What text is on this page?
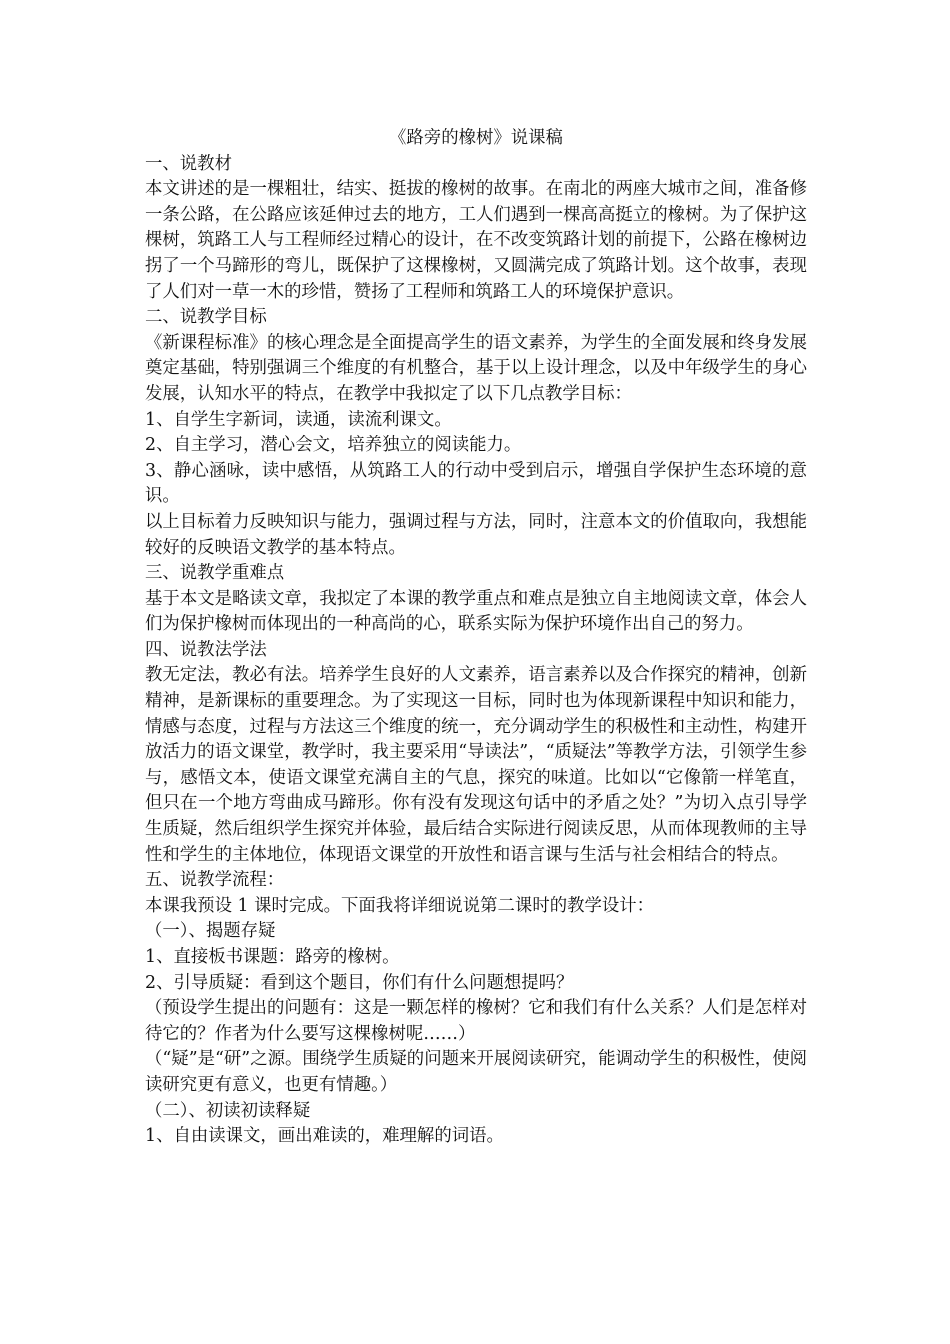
《路旁的橡树》说课稿

一、说教材

本文讲述的是一棵粗壮，结实、挺拔的橡树的故事。在南北的两座大城市之间，准备修一条公路，在公路应该延伸过去的地方，工人们遇到一棵高高挺立的橡树。为了保护这棵树，筑路工人与工程师经过精心的设计，在不改变筑路计划的前提下，公路在橡树边拐了一个马蹄形的弯儿，既保护了这棵橡树，又圆满完成了筑路计划。这个故事，表现了人们对一草一木的珍惜，赞扬了工程师和筑路工人的环境保护意识。

二、说教学目标

《新课程标准》的核心理念是全面提高学生的语文素养，为学生的全面发展和终身发展奠定基础，特别强调三个维度的有机整合，基于以上设计理念，以及中年级学生的身心发展，认知水平的特点，在教学中我拟定了以下几点教学目标：

1、自学生字新词，读通，读流利课文。

2、自主学习，潜心会文，培养独立的阅读能力。

3、静心涵咏，读中感悟，从筑路工人的行动中受到启示，增强自学保护生态环境的意识。

以上目标着力反映知识与能力，强调过程与方法，同时，注意本文的价值取向，我想能较好的反映语文教学的基本特点。

三、说教学重难点

基于本文是略读文章，我拟定了本课的教学重点和难点是独立自主地阅读文章，体会人们为保护橡树而体现出的一种高尚的心，联系实际为保护环境作出自己的努力。

四、说教法学法

教无定法，教必有法。培养学生良好的人文素养，语言素养以及合作探究的精神，创新精神，是新课标的重要理念。为了实现这一目标，同时也为体现新课程中知识和能力，情感与态度，过程与方法这三个维度的统一，充分调动学生的积极性和主动性，构建开放活力的语文课堂，教学时，我主要采用“导读法”，“质疑法”等教学方法，引领学生参与，感悟文本，使语文课堂充满自主的气息，探究的味道。比如以“它像箭一样笔直，但只在一个地方弯曲成马蹄形。你有没有发现这句话中的矛盾之处？”为切入点引导学生质疑，然后组织学生探究并体验，最后结合实际进行阅读反思，从而体现教师的主导性和学生的主体地位，体现语文课堂的开放性和语言课与生活与社会相结合的特点。

五、说教学流程：

本课我预设 1 课时完成。下面我将详细说说第二课时的教学设计：

（一）、揭题存疑

1、直接板书课题：路旁的橡树。

2、引导质疑：看到这个题目，你们有什么问题想提吗？

（预设学生提出的问题有：这是一颗怎样的橡树？它和我们有什么关系？人们是怎样对待它的？作者为什么要写这棵橡树呢……）

（“疑”是“研”之源。围绕学生质疑的问题来开展阅读研究，能调动学生的积极性，使阅读研究更有意义，也更有情趣。）

（二）、初读初读释疑

1、自由读课文，画出难读的，难理解的词语。
